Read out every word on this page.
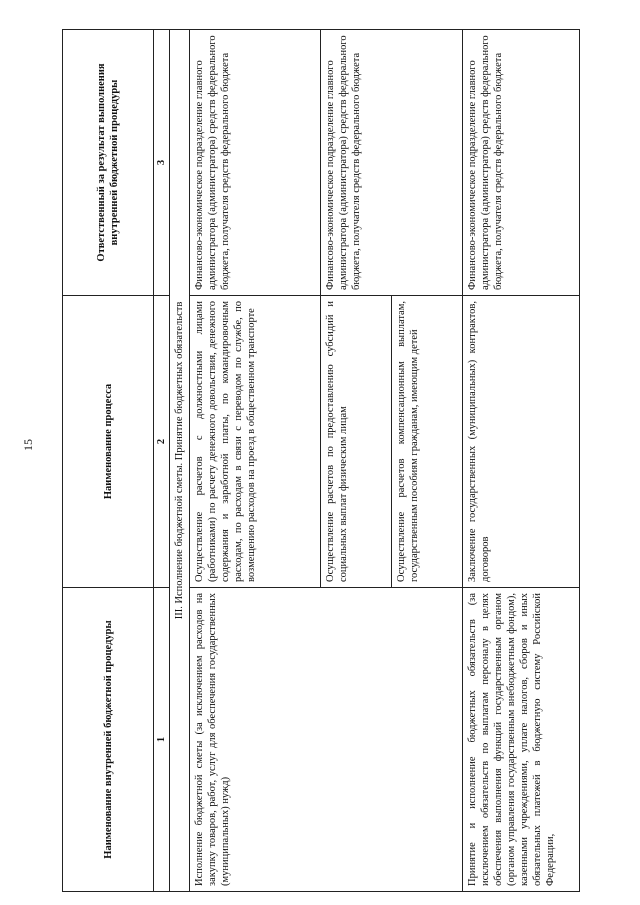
15
Наименование внутренней бюджетной процедуры	Наименование процесса	Ответственный за результат выполнения внутренней бюджетной процедуры
1	2	3
III. Исполнение бюджетной сметы. Принятие бюджетных обязательств		
Исполнение бюджетной сметы (за исключением расходов на закупку товаров, работ, услуг для обеспечения государственных (муниципальных) нужд)	Осуществление расчетов с должностными лицами (работниками) по расчету денежного довольствия, денежного содержания и заработной платы, по командировочным расходам, по расходам в связи с переводом по службе, по возмещению расходов на проезд в общественном транспорте	Финансово-экономическое подразделение главного администратора (администратора) средств федерального бюджета, получателя средств федерального бюджета
	Осуществление расчетов по предоставлению субсидий и социальных выплат физическим лицам	Финансово-экономическое подразделение главного администратора (администратора) средств федерального бюджета, получателя средств федерального бюджета
	Осуществление расчетов компенсационным выплатам, государственным пособиям гражданам, имеющим детей	
Принятие и исполнение бюджетных обязательств (за исключением обязательств по выплатам персоналу в целях обеспечения выполнения функций государственным органом (органом управления государственным внебюджетным фондом), казенными учреждениями, уплате налогов, сборов и иных обязательных платежей в бюджетную систему Российской Федерации,	Заключение государственных (муниципальных) контрактов, договоров	Финансово-экономическое подразделение главного администратора (администратора) средств федерального бюджета, получателя средств федерального бюджета
